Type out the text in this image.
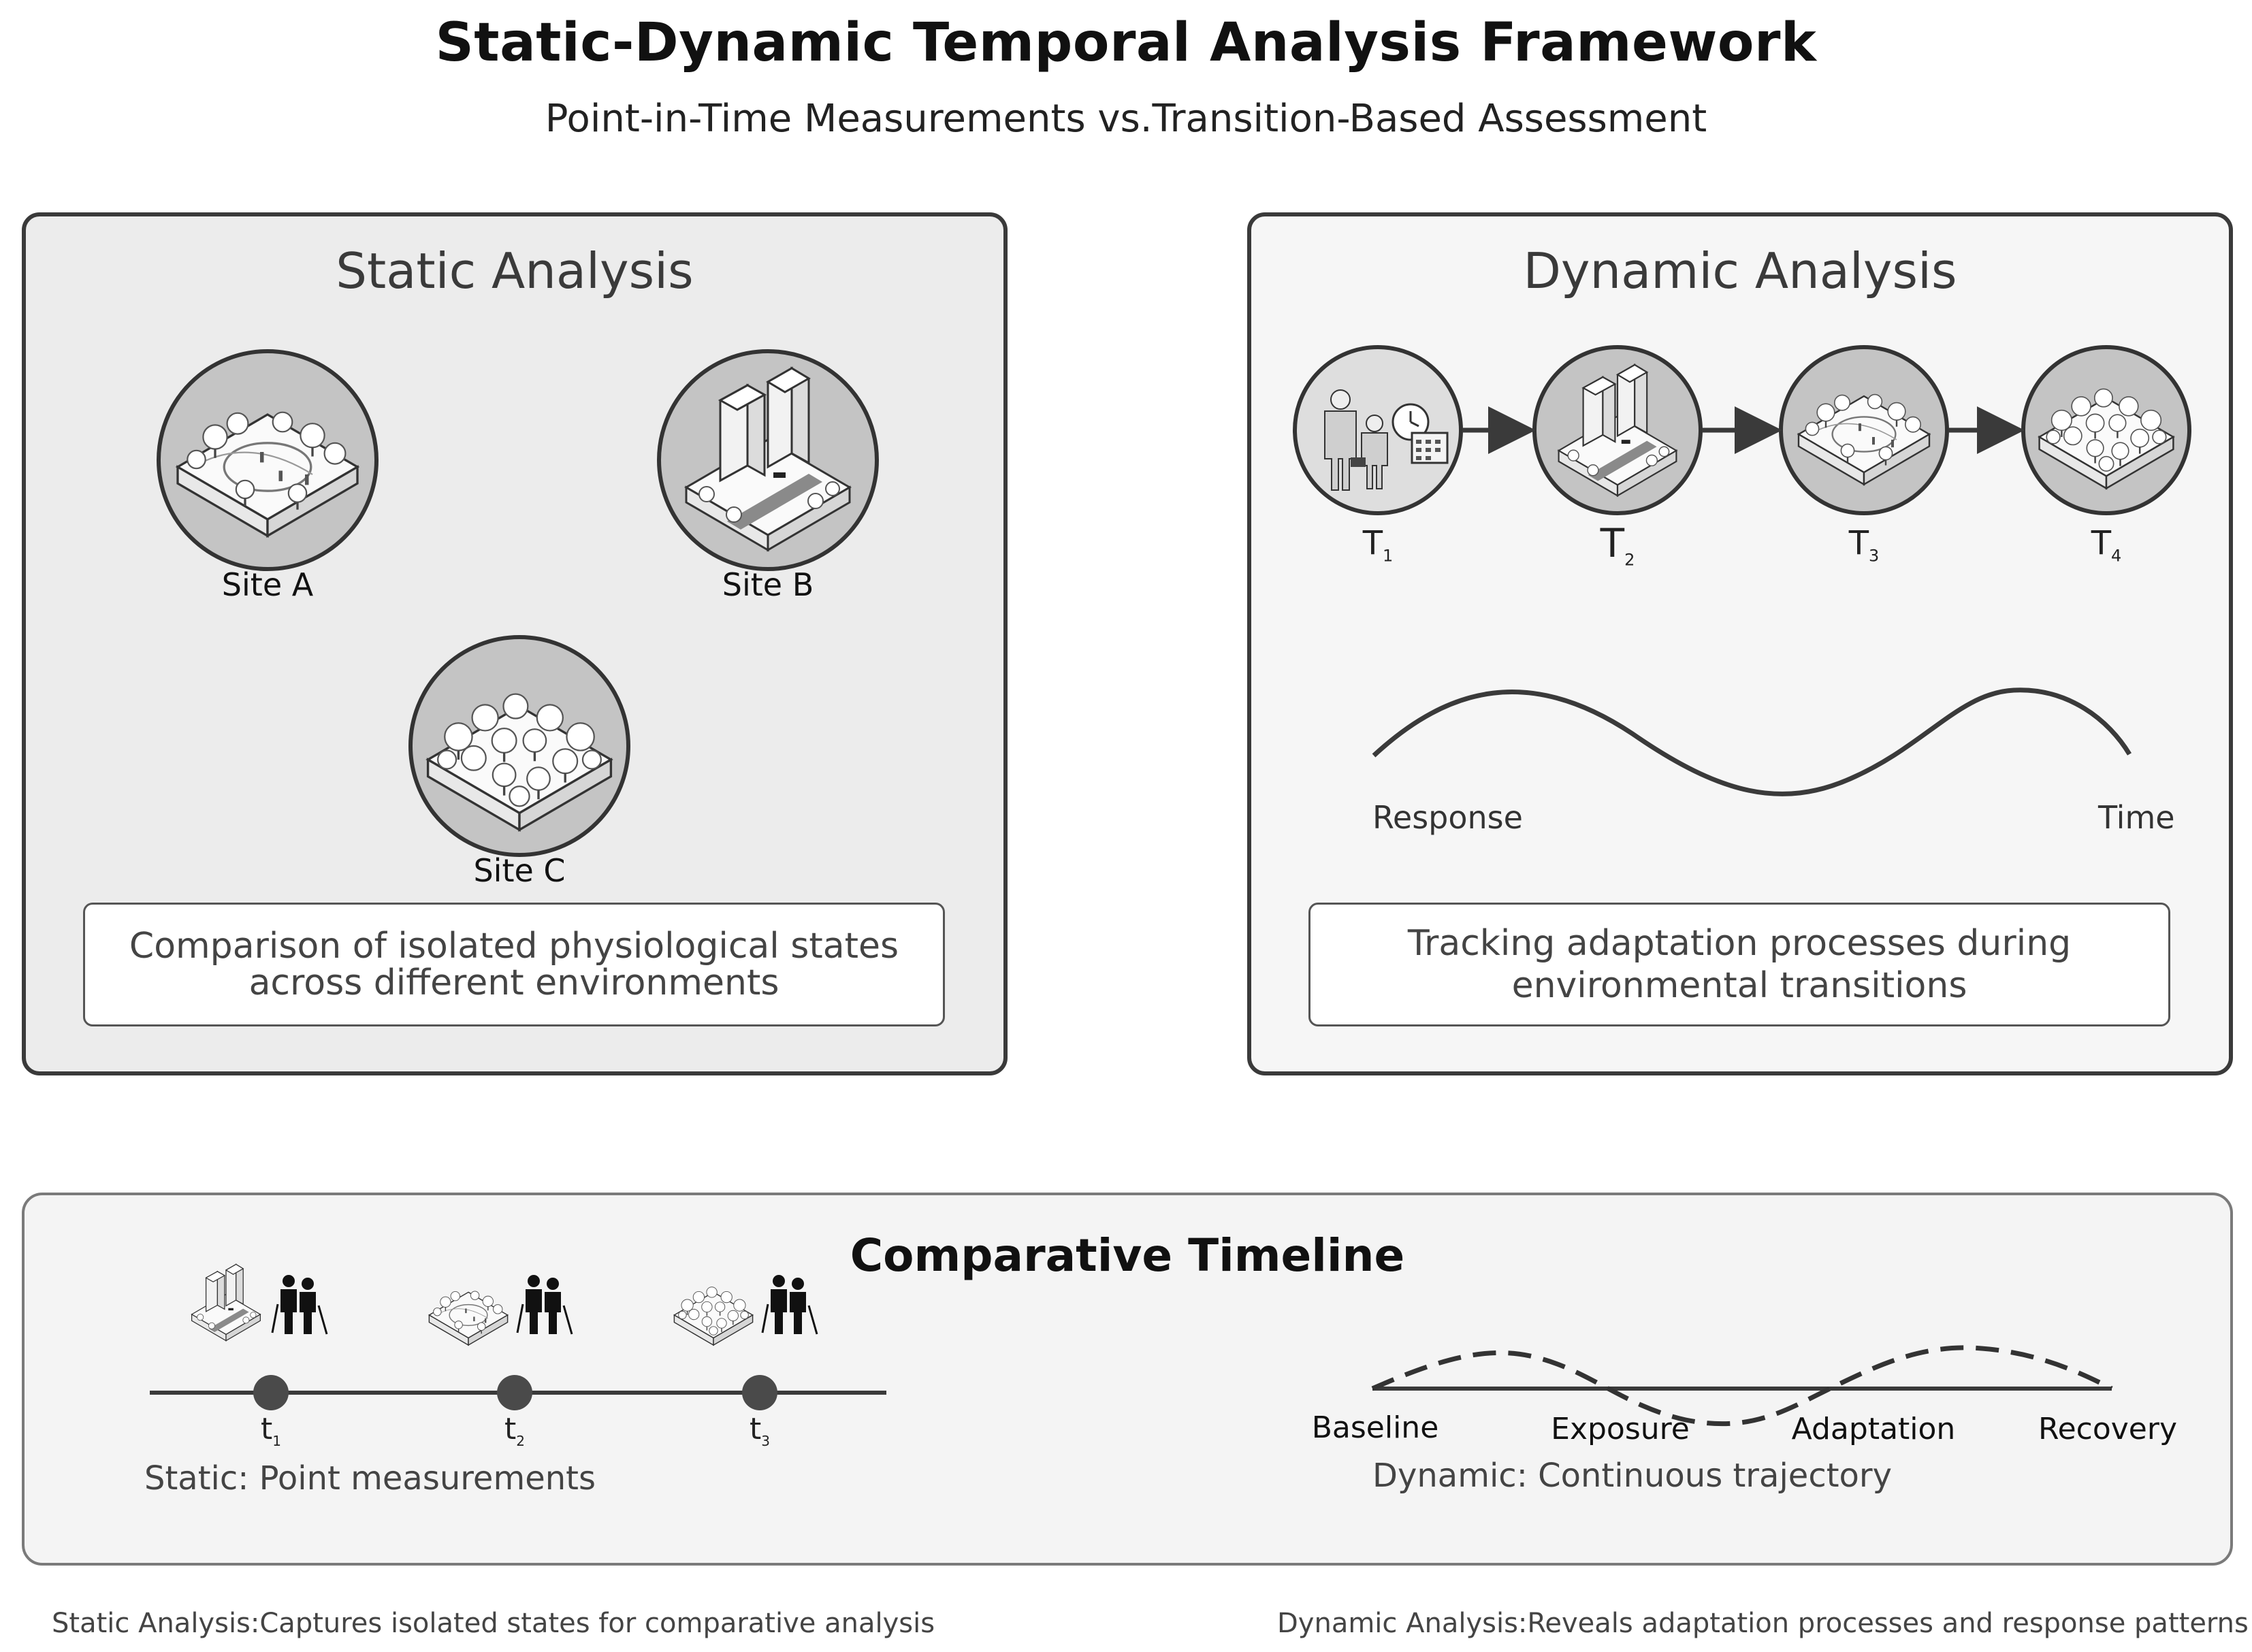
Static-Dynamic Temporal Analysis Framework
Point-in-Time Measurements vs.Transition-Based Assessment
Static Analysis
Site A	Site B
Site C
Comparison of isolated physiological states
across different environments
Dynamic Analysis
$T_1$	$T_2$	$T_3$	$T_4$
Response	Time
Tracking adaptation processes during
environmental transitions
Comparative Timeline
$t_1$	$t_2$	$t_3$
Static: Point measurements
Baseline	Exposure	Adaptation	Recovery
Dynamic: Continuous trajectory
Static Analysis:Captures isolated states for comparative analysis	Dynamic Analysis:Reveals adaptation processes and response patterns
